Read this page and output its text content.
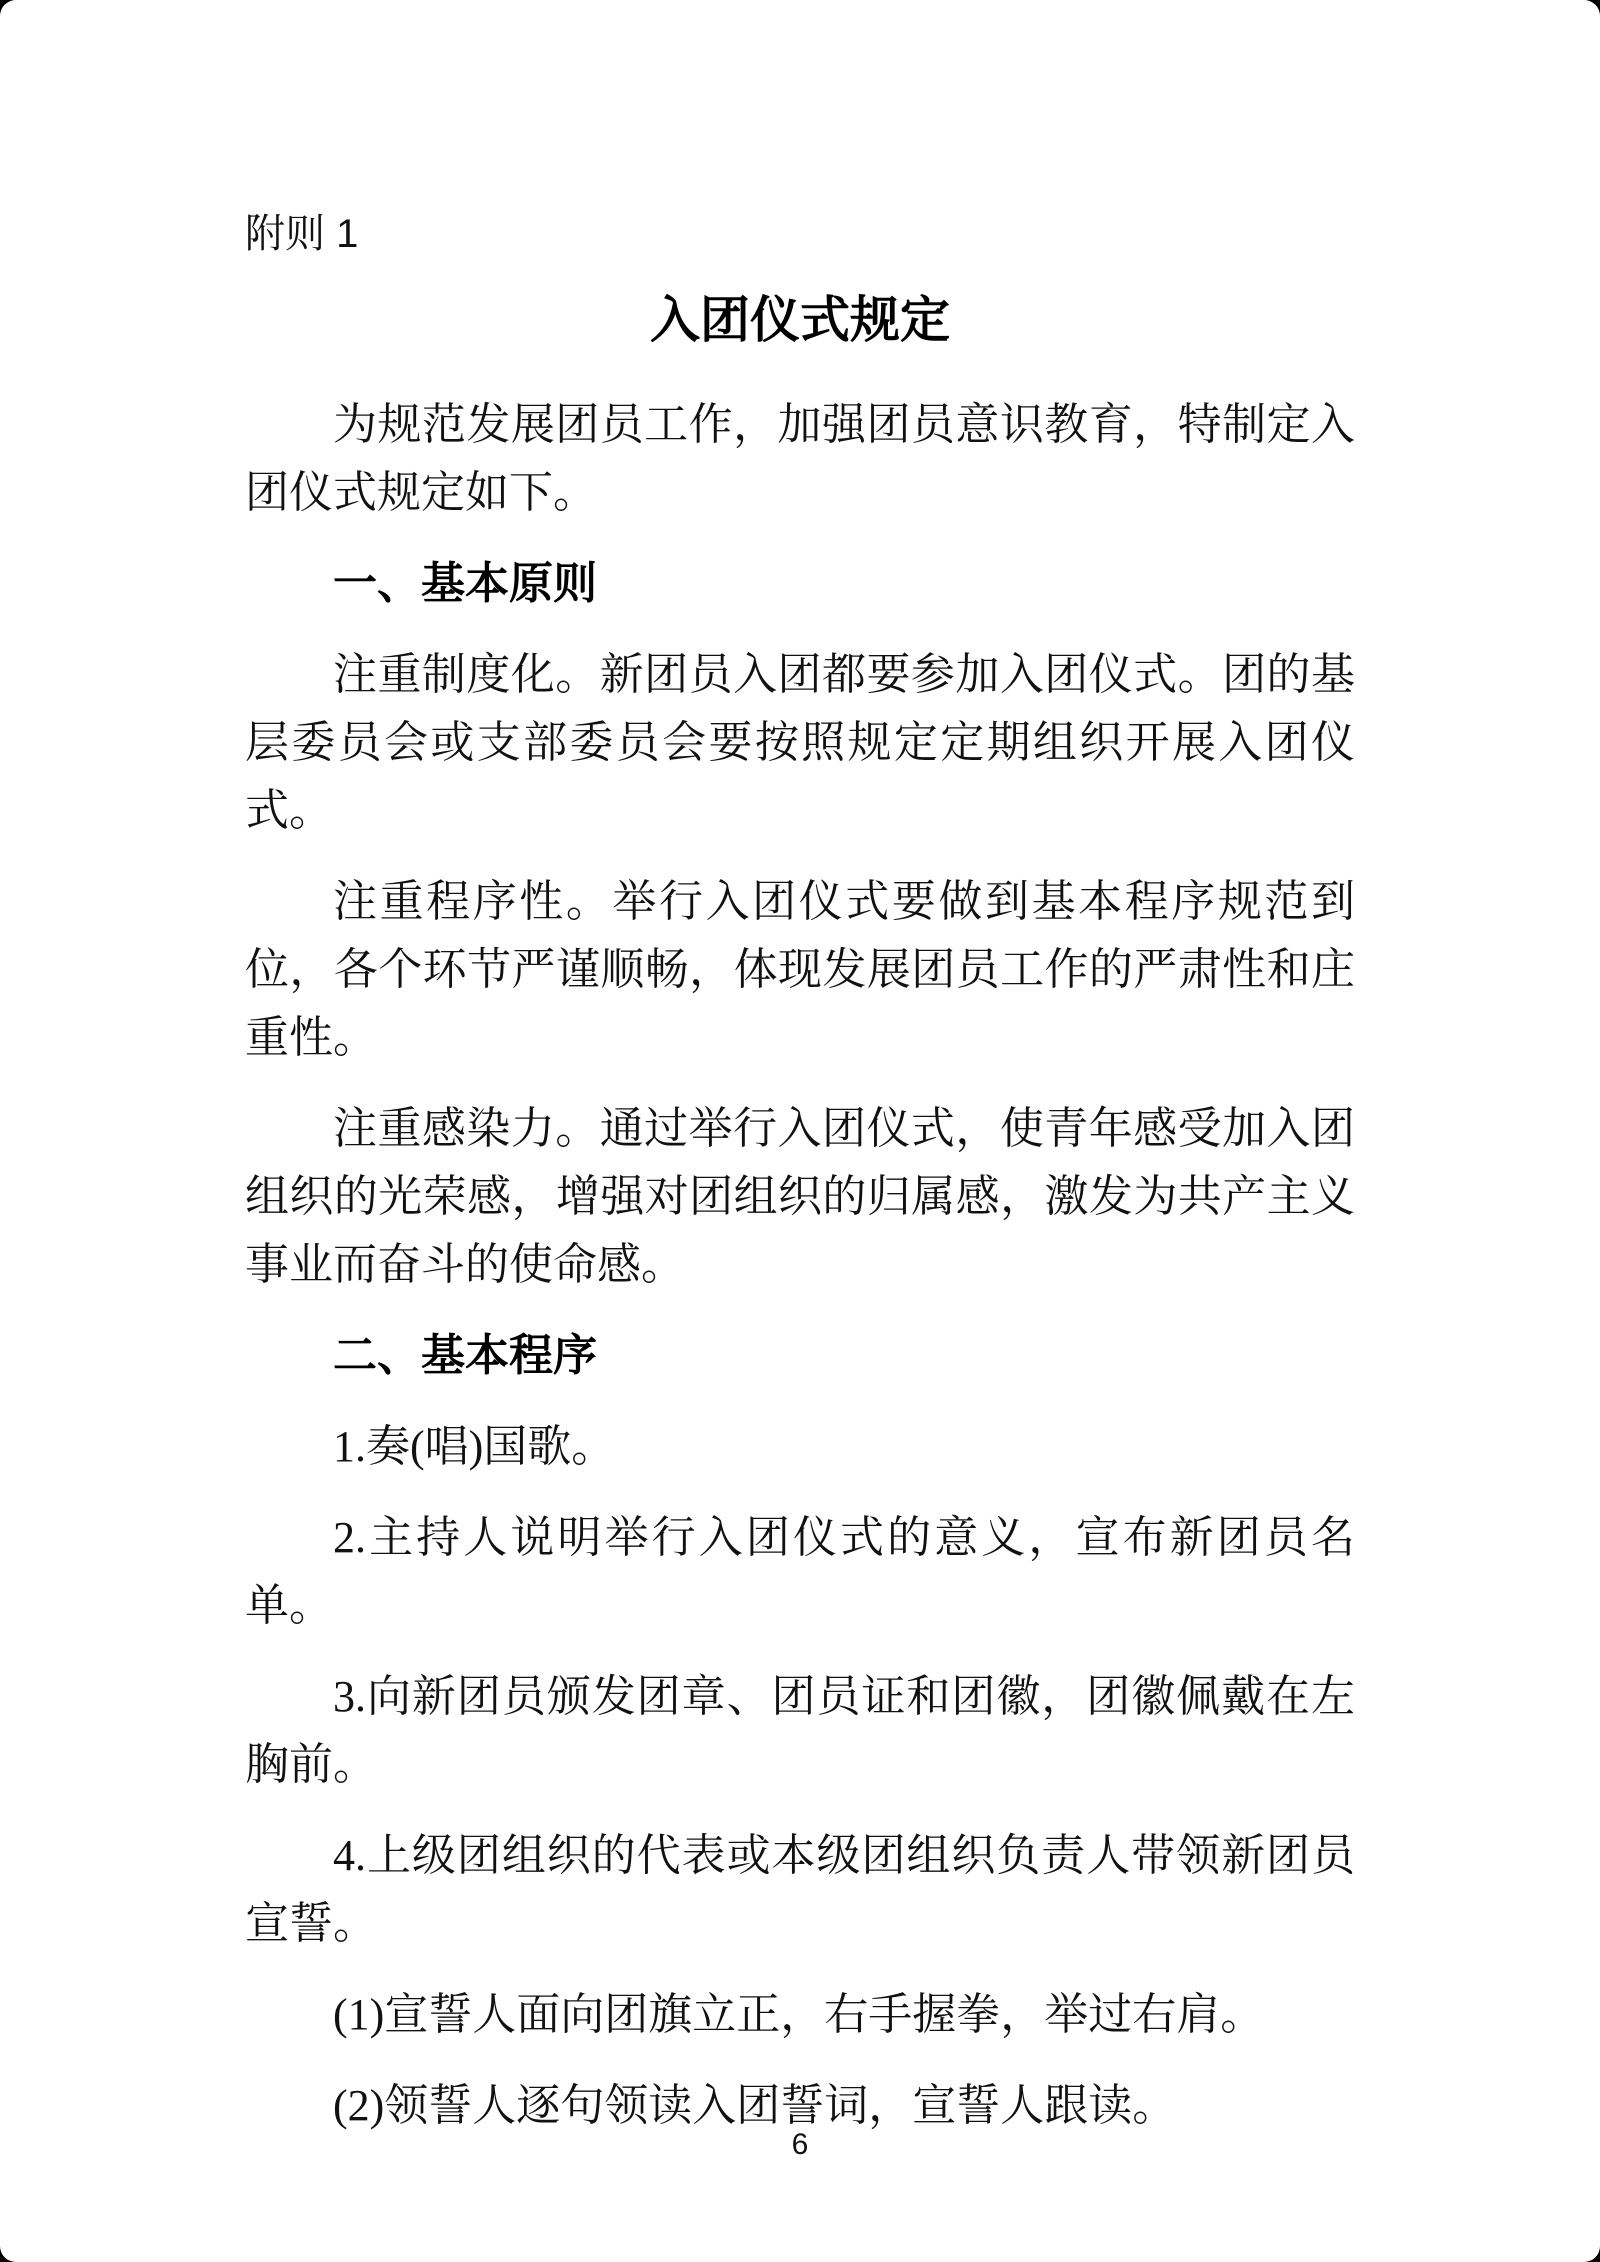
附则 1
入团仪式规定

为规范发展团员工作，加强团员意识教育，特制定入团仪式规定如下。

一、基本原则

注重制度化。新团员入团都要参加入团仪式。团的基层委员会或支部委员会要按照规定定期组织开展入团仪式。

注重程序性。举行入团仪式要做到基本程序规范到位，各个环节严谨顺畅，体现发展团员工作的严肃性和庄重性。

注重感染力。通过举行入团仪式，使青年感受加入团组织的光荣感，增强对团组织的归属感，激发为共产主义事业而奋斗的使命感。

二、基本程序

1.奏(唱)国歌。

2.主持人说明举行入团仪式的意义，宣布新团员名单。

3.向新团员颁发团章、团员证和团徽，团徽佩戴在左胸前。

4.上级团组织的代表或本级团组织负责人带领新团员宣誓。

(1)宣誓人面向团旗立正，右手握拳，举过右肩。

(2)领誓人逐句领读入团誓词，宣誓人跟读。

6
